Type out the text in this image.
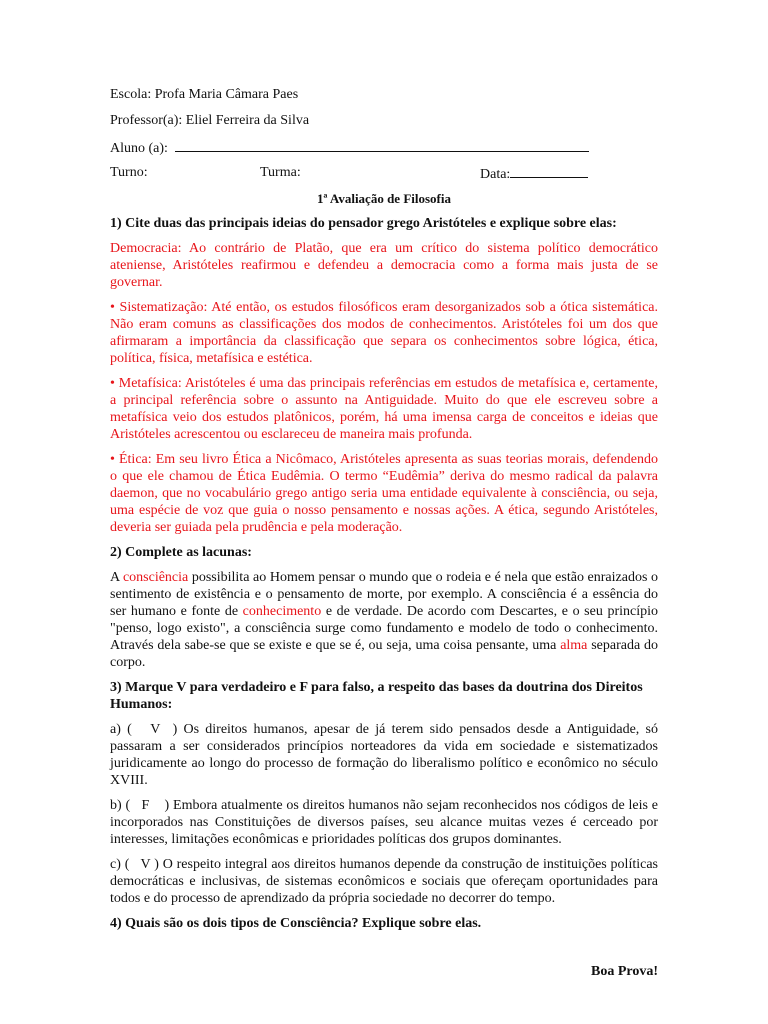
Escola: Profa Maria Câmara Paes

Professor(a): Eliel Ferreira da Silva

Aluno (a):

Turno:	Turma:	Data:

1ª Avaliação de Filosofia

1) Cite duas das principais ideias do pensador grego Aristóteles e explique sobre elas:

Democracia: Ao contrário de Platão, que era um crítico do sistema político democrático ateniense, Aristóteles reafirmou e defendeu a democracia como a forma mais justa de se governar.

• Sistematização: Até então, os estudos filosóficos eram desorganizados sob a ótica sistemática. Não eram comuns as classificações dos modos de conhecimentos. Aristóteles foi um dos que afirmaram a importância da classificação que separa os conhecimentos sobre lógica, ética, política, física, metafísica e estética.

• Metafísica: Aristóteles é uma das principais referências em estudos de metafísica e, certamente, a principal referência sobre o assunto na Antiguidade. Muito do que ele escreveu sobre a metafísica veio dos estudos platônicos, porém, há uma imensa carga de conceitos e ideias que Aristóteles acrescentou ou esclareceu de maneira mais profunda.

• Ética: Em seu livro Ética a Nicômaco, Aristóteles apresenta as suas teorias morais, defendendo o que ele chamou de Ética Eudêmia. O termo “Eudêmia” deriva do mesmo radical da palavra daemon, que no vocabulário grego antigo seria uma entidade equivalente à consciência, ou seja, uma espécie de voz que guia o nosso pensamento e nossas ações. A ética, segundo Aristóteles, deveria ser guiada pela prudência e pela moderação.

2) Complete as lacunas:

A consciência possibilita ao Homem pensar o mundo que o rodeia e é nela que estão enraizados o sentimento de existência e o pensamento de morte, por exemplo. A consciência é a essência do ser humano e fonte de conhecimento e de verdade. De acordo com Descartes, e o seu princípio "penso, logo existo", a consciência surge como fundamento e modelo de todo o conhecimento. Através dela sabe-se que se existe e que se é, ou seja, uma coisa pensante, uma alma separada do corpo.

3) Marque V para verdadeiro e F para falso, a respeito das bases da doutrina dos Direitos Humanos:

a) (   V  ) Os direitos humanos, apesar de já terem sido pensados desde a Antiguidade, só passaram a ser considerados princípios norteadores da vida em sociedade e sistematizados juridicamente ao longo do processo de formação do liberalismo político e econômico no século XVIII.

b) (   F    ) Embora atualmente os direitos humanos não sejam reconhecidos nos códigos de leis e incorporados nas Constituições de diversos países, seu alcance muitas vezes é cerceado por interesses, limitações econômicas e prioridades políticas dos grupos dominantes.

c) (   V ) O respeito integral aos direitos humanos depende da construção de instituições políticas democráticas e inclusivas, de sistemas econômicos e sociais que ofereçam oportunidades para todos e do processo de aprendizado da própria sociedade no decorrer do tempo.

4) Quais são os dois tipos de Consciência? Explique sobre elas.

Boa Prova!
